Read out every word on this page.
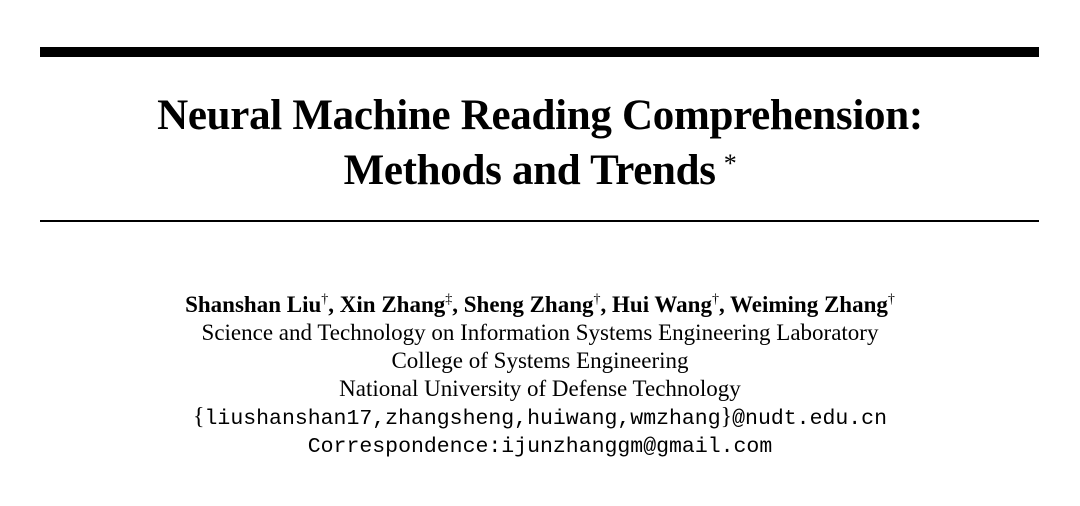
Neural Machine Reading Comprehension:
Methods and Trends *
Shanshan Liu†, Xin Zhang‡, Sheng Zhang†, Hui Wang†, Weiming Zhang†
Science and Technology on Information Systems Engineering Laboratory
College of Systems Engineering
National University of Defense Technology
{liushanshan17,zhangsheng,huiwang,wmzhang}@nudt.edu.cn
Correspondence:ijunzhanggm@gmail.com
